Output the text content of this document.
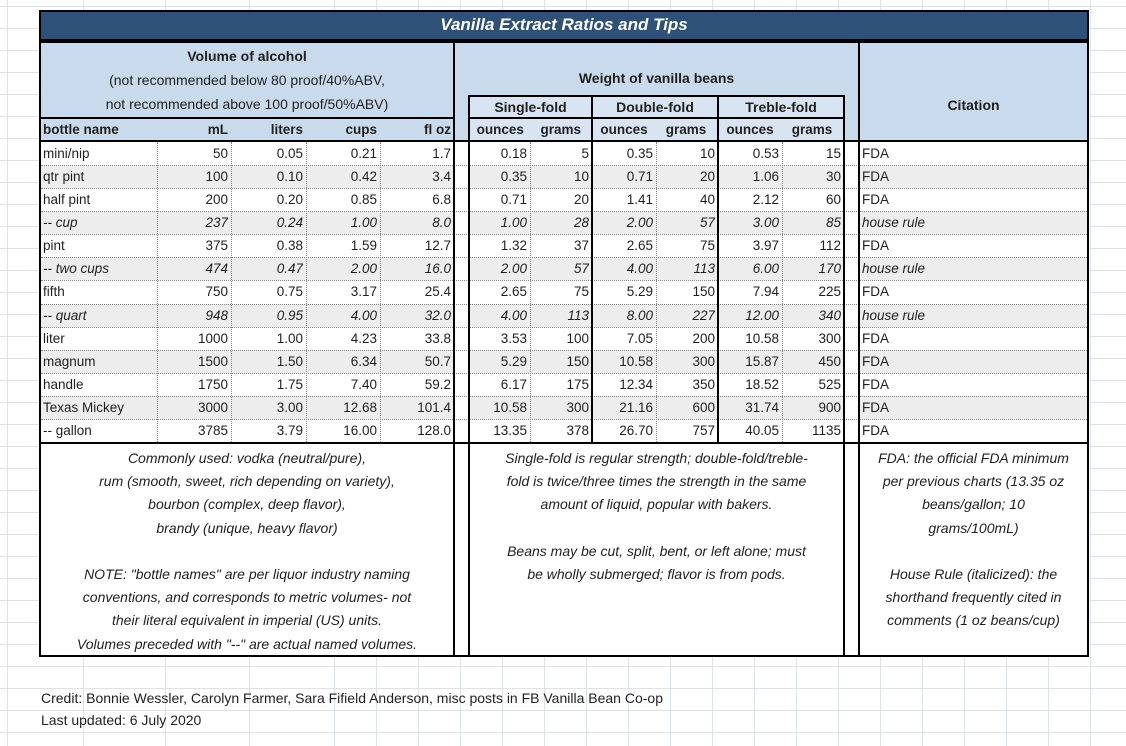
mini/nip	50	0.05	0.21	1.7	0.18	5	0.35	10	0.53	15 FDA
qtr pint	100	0.10	0.42	3.4	0.35	10	0.71	20	1.06	30 FDA
half pint	200	0.20	0.85	6.8	0.71	20	1.41	40	2.12	60 FDA
-- cup	237	0.24	1.00	8.0	1.00	28	2.00	57	3.00	85 house rule
pint	375	0.38	1.59	12.7	1.32	37	2.65	75	3.97	112 FDA
-- two cups	474	0.47	2.00	16.0	2.00	57	4.00	113	6.00	170 house rule
fifth	750	0.75	3.17	25.4	2.65	75	5.29	150	7.94	225 FDA
-- quart	948	0.95	4.00	32.0	4.00	113	8.00	227	12.00	340 house rule
liter	1000	1.00	4.23	33.8	3.53	100	7.05	200	10.58	300 FDA
magnum	1500	1.50	6.34	50.7	5.29	150	10.58	300	15.87	450 FDA
handle	1750	1.75	7.40	59.2	6.17	175	12.34	350	18.52	525 FDA
Texas Mickey	3000	3.00	12.68	101.4	10.58	300	21.16	600	31.74	900 FDA
-- gallon	3785	3.79	16.00	128.0	13.35	378	26.70	757	40.05	1135 FDA
Vanilla Extract Ratios and Tips
Volume of alcohol
(not recommended below 80 proof/40%ABV,
not recommended above 100 proof/50%ABV)
bottle name	mL	liters	cups	fl oz
Weight of vanilla beans
Single-fold	Double-fold	Treble-fold
ounces	grams	ounces	grams	ounces	grams
Citation
Commonly used: vodka (neutral/pure),
rum (smooth, sweet, rich depending on variety),
bourbon (complex, deep flavor),
brandy (unique, heavy flavor)
NOTE: "bottle names" are per liquor industry naming
conventions, and corresponds to metric volumes- not
their literal equivalent in imperial (US) units.
Volumes preceded with "--" are actual named volumes.
Single-fold is regular strength; double-fold/treble-
fold is twice/three times the strength in the same
amount of liquid, popular with bakers.
Beans may be cut, split, bent, or left alone; must
be wholly submerged; flavor is from pods.
FDA: the official FDA minimum
per previous charts (13.35 oz
beans/gallon; 10
grams/100mL)
House Rule (italicized): the
shorthand frequently cited in
comments (1 oz beans/cup)
Credit: Bonnie Wessler, Carolyn Farmer, Sara Fifield Anderson, misc posts in FB Vanilla Bean Co-op
Last updated: 6 July 2020
